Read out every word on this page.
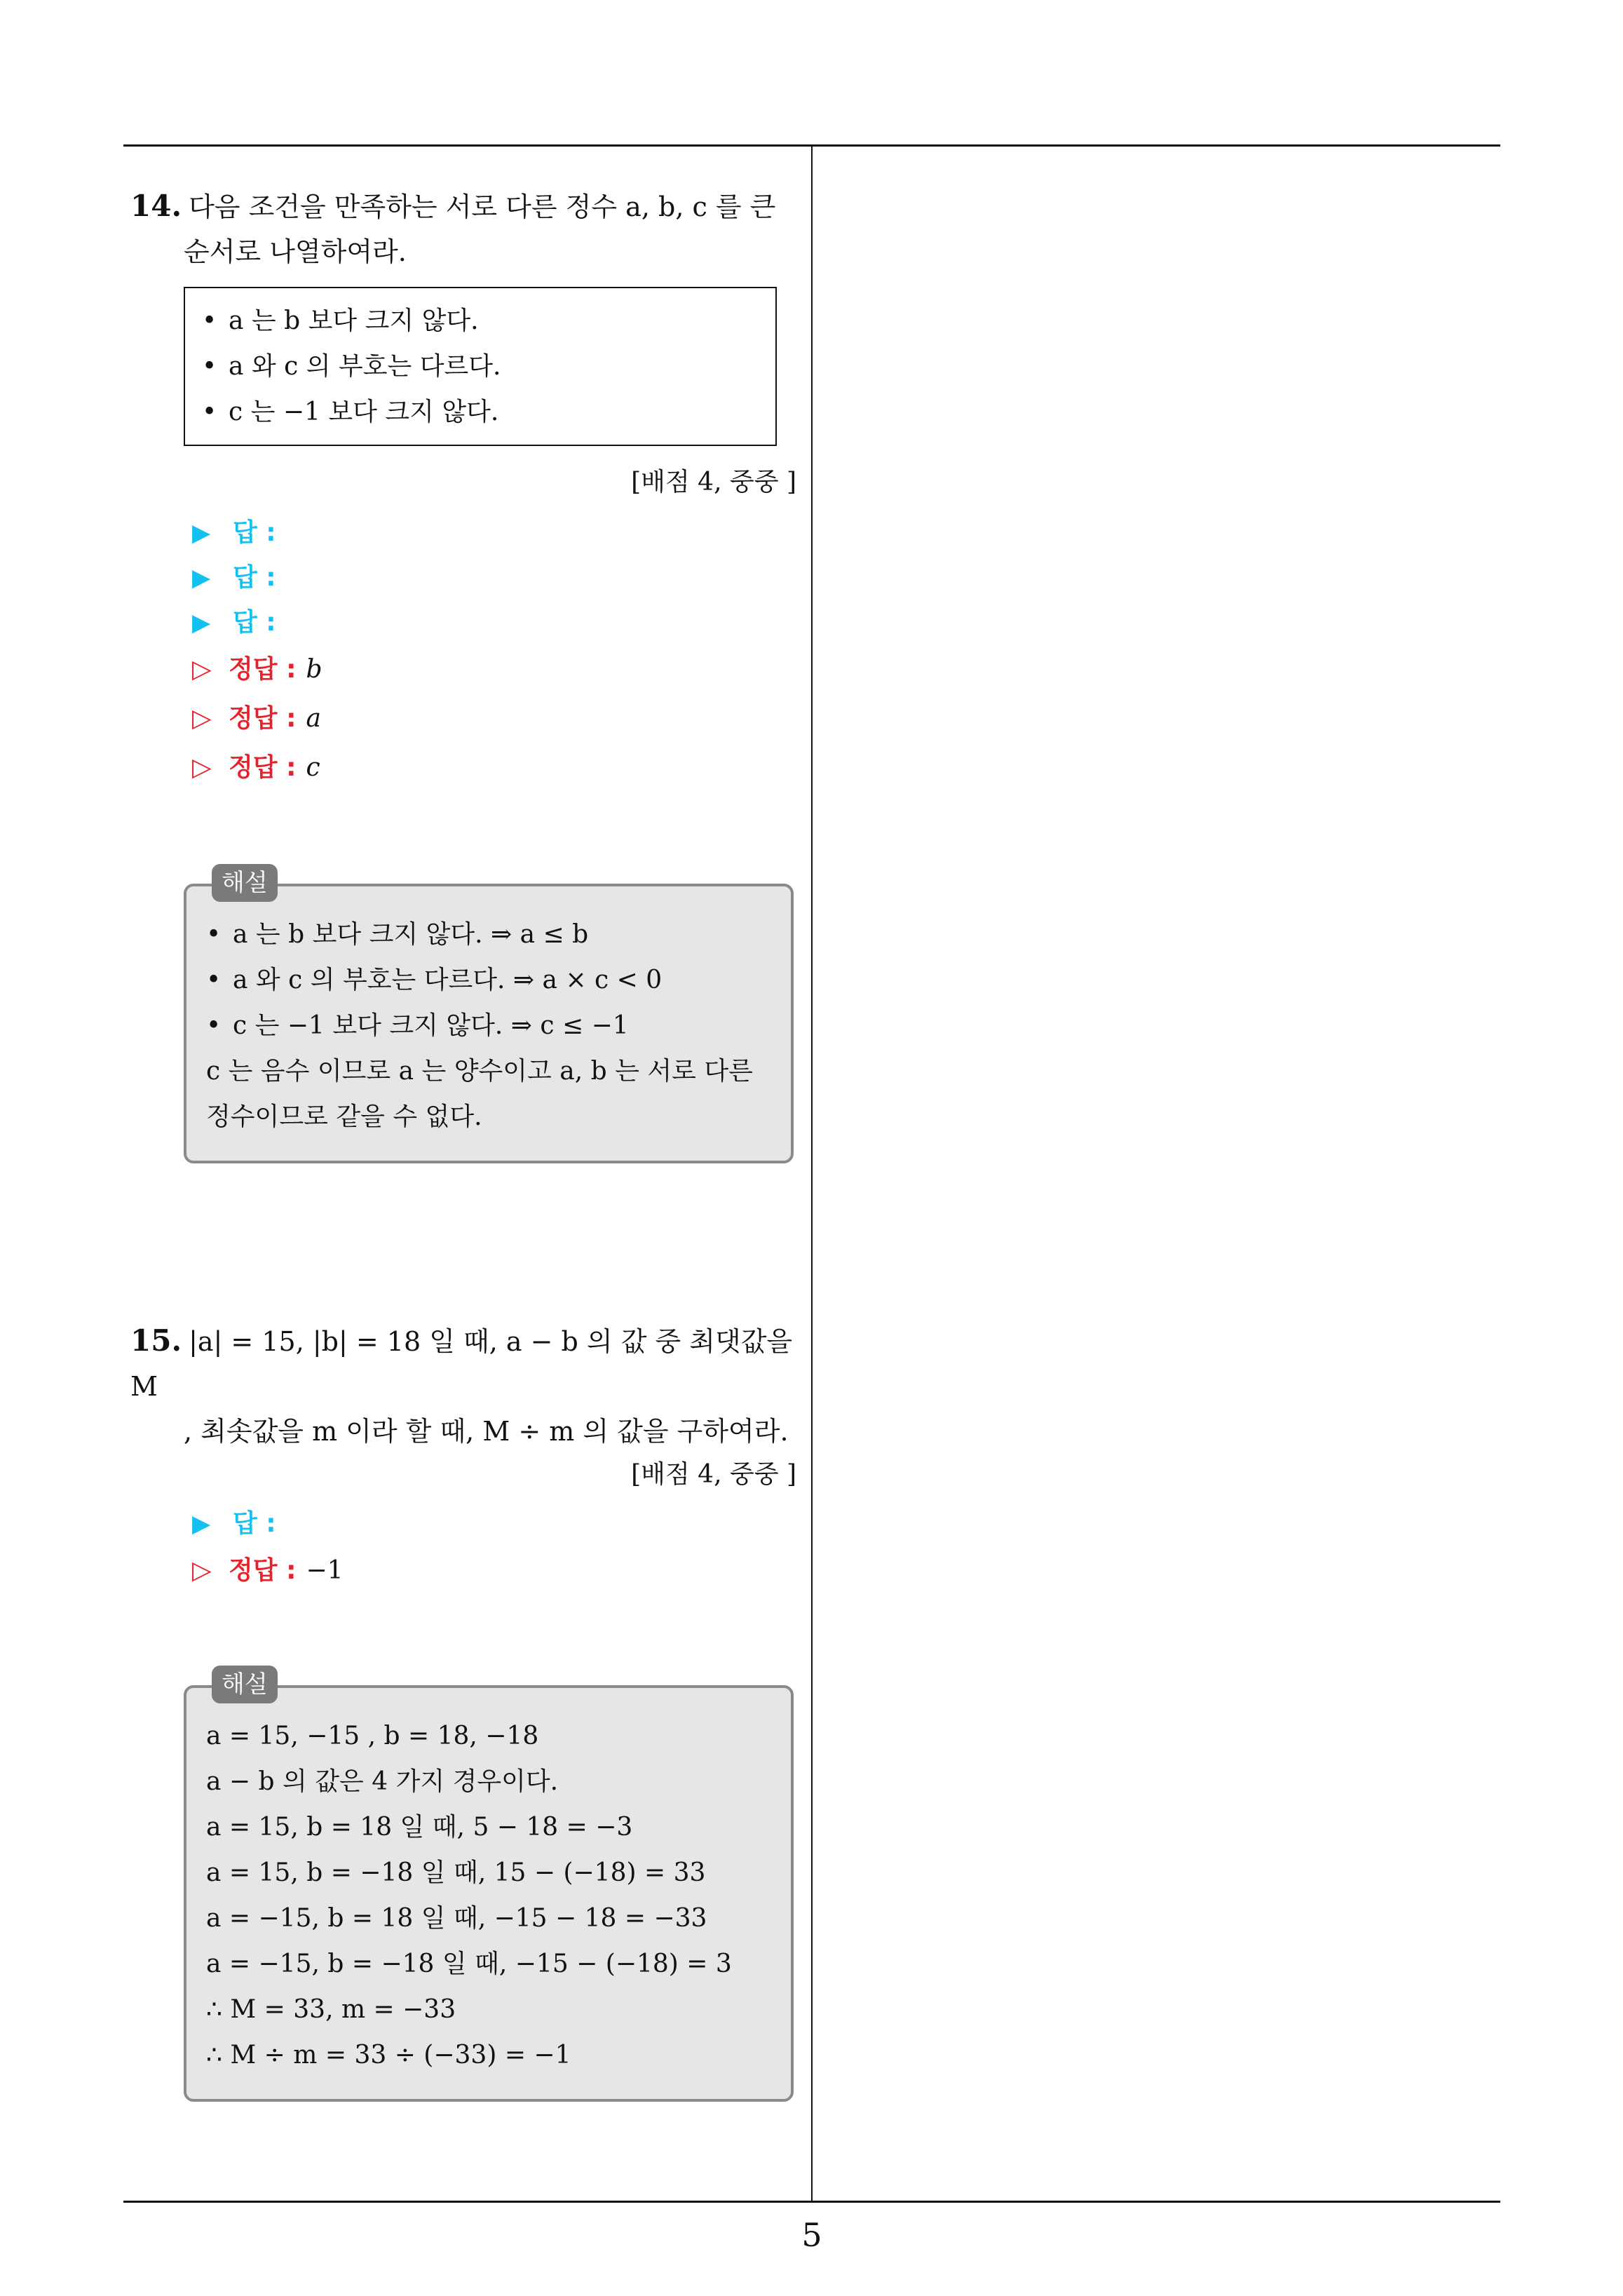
5
14. 다음 조건을 만족하는 서로 다른 정수 a, b, c 를 큰
순서로 나열하여라.
• a 는 b 보다 크지 않다.
• a 와 c 의 부호는 다르다.
• c 는 −1 보다 크지 않다.
[배점 4, 중중 ]
▶ 답 :
▶ 답 :
▶ 답 :
▷ 정답 : b
▷ 정답 : a
▷ 정답 : c
해설
• a 는 b 보다 크지 않다. ⇒ a ≤ b
• a 와 c 의 부호는 다르다. ⇒ a × c < 0
• c 는 −1 보다 크지 않다. ⇒ c ≤ −1
c 는 음수 이므로 a 는 양수이고 a, b 는 서로 다른
정수이므로 같을 수 없다.
15. |a| = 15, |b| = 18 일 때, a − b 의 값 중 최댓값을 M
, 최솟값을 m 이라 할 때, M ÷ m 의 값을 구하여라.
[배점 4, 중중 ]
▶ 답 :
▷ 정답 : −1
해설
a = 15, −15 , b = 18, −18
a − b 의 값은 4 가지 경우이다.
a = 15, b = 18 일 때, 5 − 18 = −3
a = 15, b = −18 일 때, 15 − (−18) = 33
a = −15, b = 18 일 때, −15 − 18 = −33
a = −15, b = −18 일 때, −15 − (−18) = 3
∴ M = 33, m = −33
∴ M ÷ m = 33 ÷ (−33) = −1
